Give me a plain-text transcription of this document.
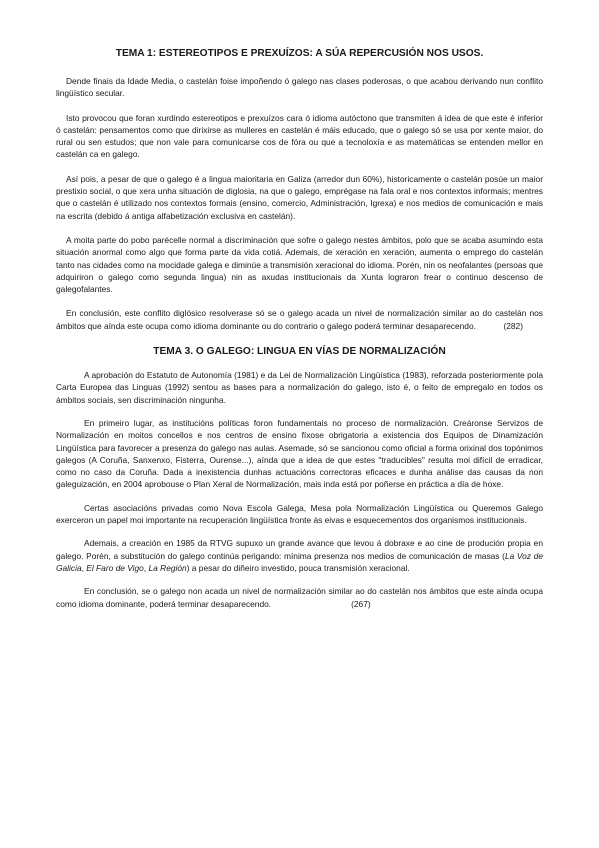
TEMA 1: ESTEREOTIPOS E PREXUÍZOS: A SÚA REPERCUSIÓN NOS USOS.

Dende finais da Idade Media, o castelán foise impoñendo ó galego nas clases poderosas, o que acabou derivando nun conflito lingüístico secular.

Isto provocou que foran xurdindo estereotipos e prexuízos cara ó idioma autóctono que transmiten á idea de que este é inferior ó castelán: pensamentos como que dirixirse as mulleres en castelán é máis educado, que o galego só se usa por xente maior, do rural ou sen estudos; que non vale para comunicarse cos de fóra ou que a tecnoloxía e as matemáticas se entenden mellor en castelán ca en galego.

Así pois, a pesar de que o galego é a lingua maioritaria en Galiza (arredor dun 60%), historicamente o castelán posúe un maior prestixio social, o que xera unha situación de diglosia, na que o galego, emprégase na fala oral e nos contextos informais; mentres que o castelán é utilizado nos contextos formais (ensino, comercio, Administración, Igrexa) e nos medios de comunicación e mais na escrita (debido á antiga alfabetización exclusiva en castelán).

A moita parte do pobo parécelle normal a discriminación que sofre o galego nestes ámbitos, polo que se acaba asumindo esta situación anormal como algo que forma parte da vida cotiá. Ademais, de xeración en xeración, aumenta o emprego do castelán tanto nas cidades como na mocidade galega e diminúe a transmisión xeracional do idioma. Porén, nin os neofalantes (persoas que adquiriron o galego como segunda lingua) nin as axudas institucionais da Xunta lograron frear o continuo descenso de galegofalantes.

En conclusión, este conflito diglósico resolverase só se o galego acada un nivel de normalización similar ao do castelán nos ámbitos que aínda este ocupa como idioma dominante ou do contrario o galego poderá terminar desaparecendo.	(282)

TEMA 3. O GALEGO: LINGUA EN VÍAS DE NORMALIZACIÓN

A aprobación do Estatuto de Autonomía (1981) e da Lei de Normalización Lingüística (1983), reforzada posteriormente pola Carta Europea das Linguas (1992) sentou as bases para a normalización do galego, isto é, o feito de empregalo en todos os ámbitos sociais, sen discriminación ningunha.

En primeiro lugar, as institucións políticas foron fundamentais no proceso de normalización. Creáronse Servizos de Normalización en moitos concellos e nos centros de ensino fíxose obrigatoria a existencia dos Equipos de Dinamización Lingüística para favorecer a presenza do galego nas aulas. Asemade, só se sancionou como oficial a forma orixinal dos topónimos galegos (A Coruña, Sanxenxo, Fisterra, Ourense...), aínda que a idea de que estes "traducibles" resulta moi difícil de erradicar, como no caso da Coruña. Dada a inexistencia dunhas actuacións correctoras eficaces e dunha análise das causas da non galeguización, en 2004 aprobouse o Plan Xeral de Normalización, mais inda está por poñerse en práctica a día de hoxe.

Certas asociacións privadas como Nova Escola Galega, Mesa pola Normalización Lingüística ou Queremos Galego exerceron un papel moi importante na recuperación lingüística fronte ás eivas e esquecementos dos organismos institucionais.

Ademais, a creación en 1985 da RTVG supuxo un grande avance que levou á dobraxe e ao cine de produción propia en galego. Porén, a substitución do galego continúa perigando: mínima presenza nos medios de comunicación de masas (La Voz de Galicia, El Faro de Vigo, La Región) a pesar do diñeiro investido, pouca transmisión xeracional.

En conclusión, se o galego non acada un nivel de normalización similar ao do castelán nos ámbitos que este aínda ocupa como idioma dominante, poderá terminar desaparecendo.	(267)
